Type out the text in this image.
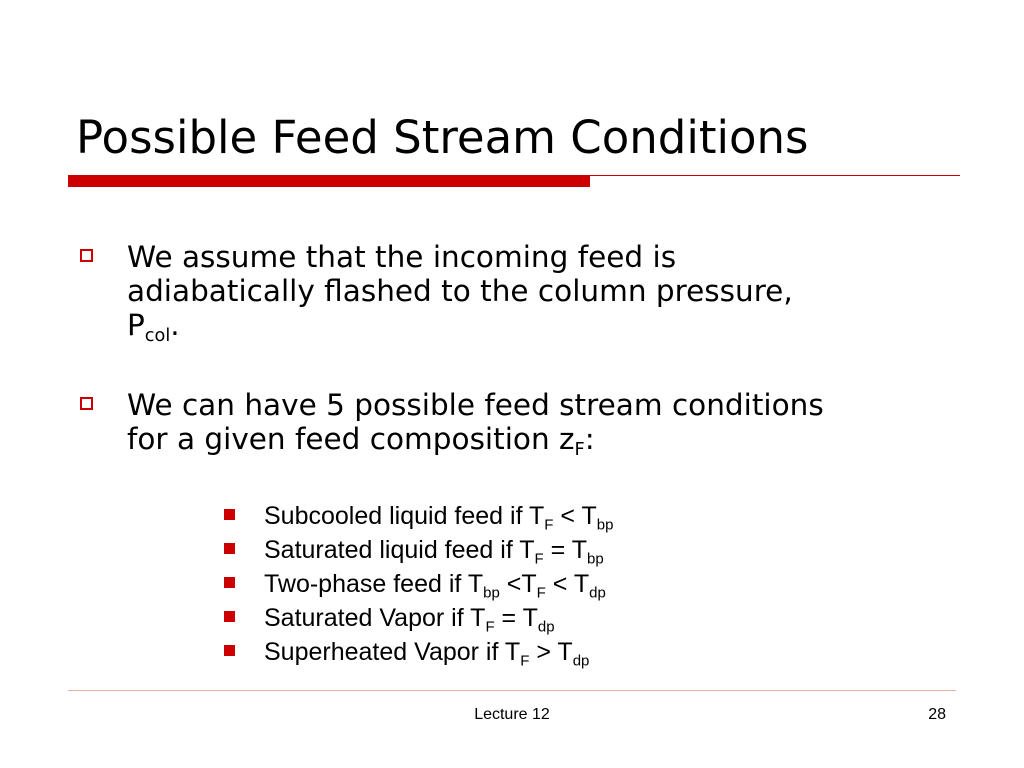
Possible Feed Stream Conditions
We assume that the incoming feed is
adiabatically flashed to the column pressure,
$P_{col}$.
We can have 5 possible feed stream conditions
for a given feed composition $z_F$:
Subcooled liquid feed if $T_F < T_{bp}$
Saturated liquid feed if $T_F = T_{bp}$
Two-phase feed if $T_{bp} <T_F < T_{dp}$
Saturated Vapor if $T_F = T_{dp}$
Superheated Vapor if $T_F > T_{dp}$
Lecture 12	28
